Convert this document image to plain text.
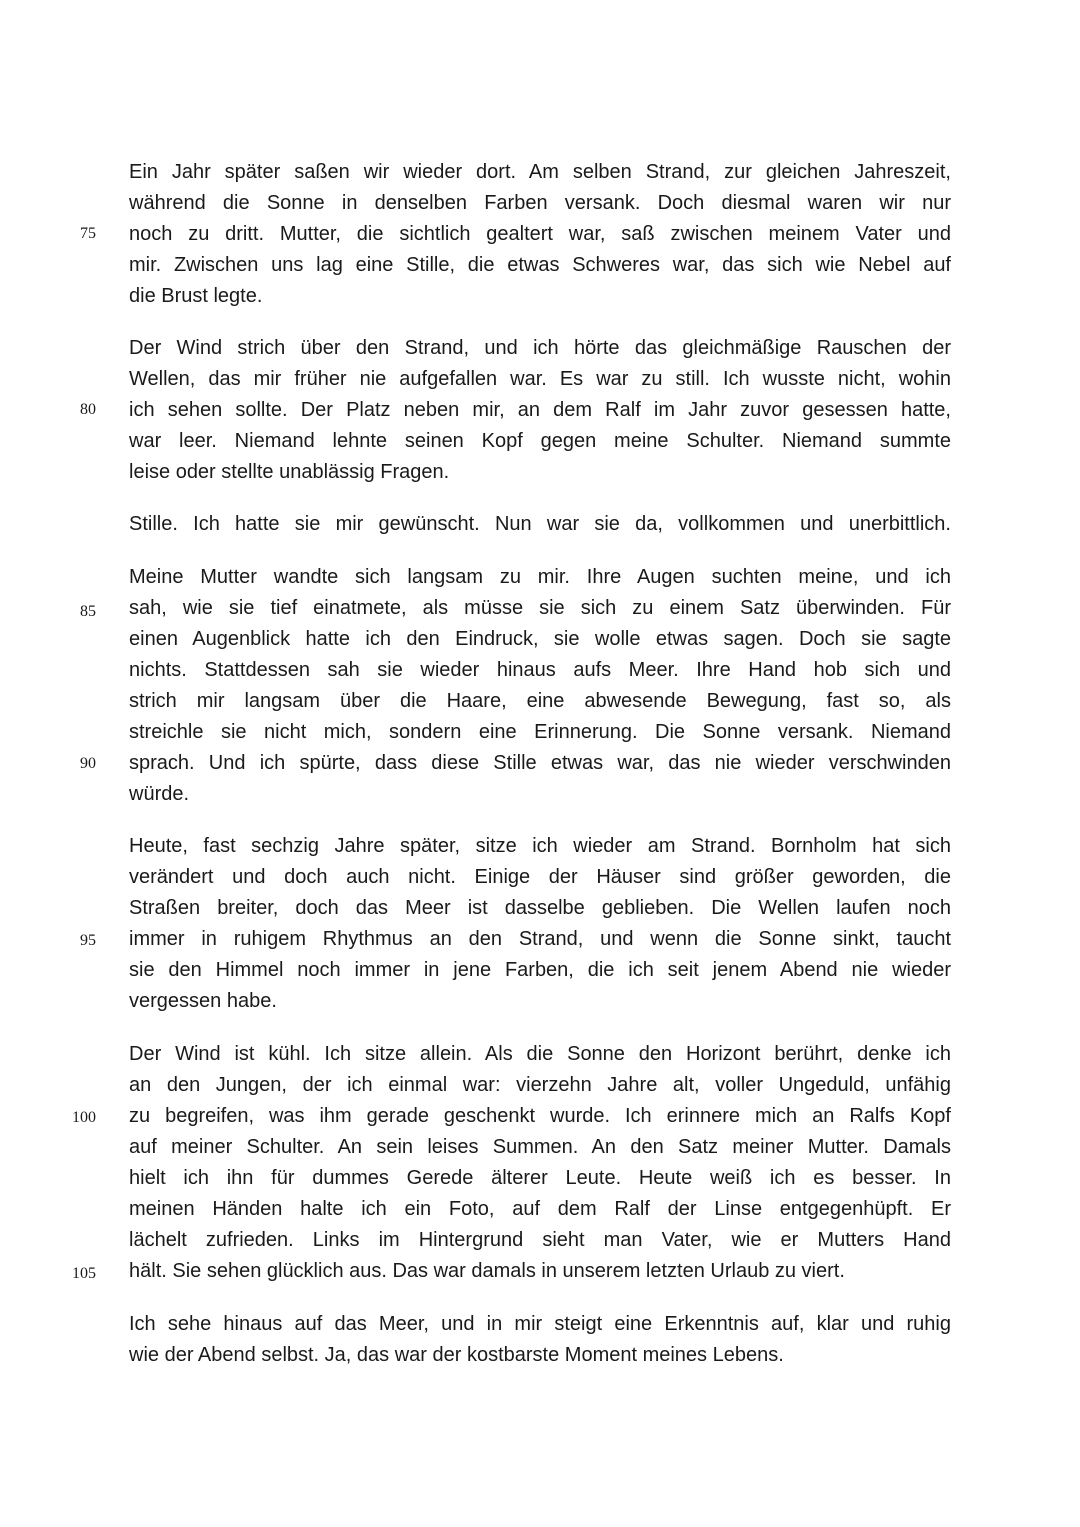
75
80
85
90
95
100
105
Ein Jahr später saßen wir wieder dort. Am selben Strand, zur gleichen Jahreszeit,
während die Sonne in denselben Farben versank. Doch diesmal waren wir nur
noch zu dritt. Mutter, die sichtlich gealtert war, saß zwischen meinem Vater und
mir. Zwischen uns lag eine Stille, die etwas Schweres war, das sich wie Nebel auf
die Brust legte.
Der Wind strich über den Strand, und ich hörte das gleichmäßige Rauschen der
Wellen, das mir früher nie aufgefallen war. Es war zu still. Ich wusste nicht, wohin
ich sehen sollte. Der Platz neben mir, an dem Ralf im Jahr zuvor gesessen hatte,
war leer. Niemand lehnte seinen Kopf gegen meine Schulter. Niemand summte
leise oder stellte unablässig Fragen.
Stille. Ich hatte sie mir gewünscht. Nun war sie da, vollkommen und unerbittlich.
Meine Mutter wandte sich langsam zu mir. Ihre Augen suchten meine, und ich
sah, wie sie tief einatmete, als müsse sie sich zu einem Satz überwinden. Für
einen Augenblick hatte ich den Eindruck, sie wolle etwas sagen. Doch sie sagte
nichts. Stattdessen sah sie wieder hinaus aufs Meer. Ihre Hand hob sich und
strich mir langsam über die Haare, eine abwesende Bewegung, fast so, als
streichle sie nicht mich, sondern eine Erinnerung. Die Sonne versank. Niemand
sprach. Und ich spürte, dass diese Stille etwas war, das nie wieder verschwinden
würde.
Heute, fast sechzig Jahre später, sitze ich wieder am Strand. Bornholm hat sich
verändert und doch auch nicht. Einige der Häuser sind größer geworden, die
Straßen breiter, doch das Meer ist dasselbe geblieben. Die Wellen laufen noch
immer in ruhigem Rhythmus an den Strand, und wenn die Sonne sinkt, taucht
sie den Himmel noch immer in jene Farben, die ich seit jenem Abend nie wieder
vergessen habe.
Der Wind ist kühl. Ich sitze allein. Als die Sonne den Horizont berührt, denke ich
an den Jungen, der ich einmal war: vierzehn Jahre alt, voller Ungeduld, unfähig
zu begreifen, was ihm gerade geschenkt wurde. Ich erinnere mich an Ralfs Kopf
auf meiner Schulter. An sein leises Summen. An den Satz meiner Mutter. Damals
hielt ich ihn für dummes Gerede älterer Leute. Heute weiß ich es besser. In
meinen Händen halte ich ein Foto, auf dem Ralf der Linse entgegenhüpft. Er
lächelt zufrieden. Links im Hintergrund sieht man Vater, wie er Mutters Hand
hält. Sie sehen glücklich aus. Das war damals in unserem letzten Urlaub zu viert.
Ich sehe hinaus auf das Meer, und in mir steigt eine Erkenntnis auf, klar und ruhig
wie der Abend selbst. Ja, das war der kostbarste Moment meines Lebens.
